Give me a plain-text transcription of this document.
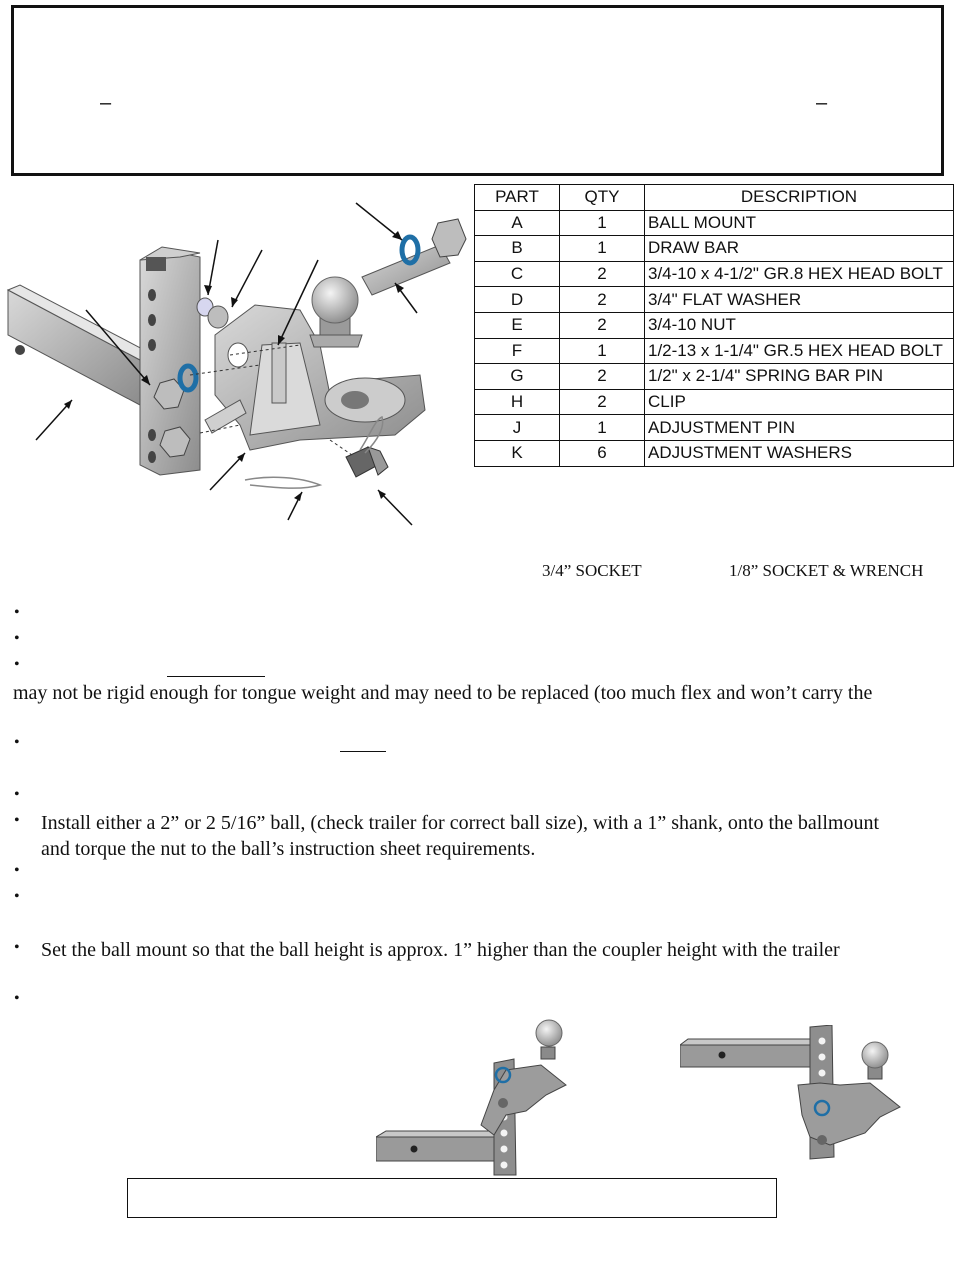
–	–
PART	QTY	DESCRIPTION
A	1	BALL MOUNT
B	1	DRAW BAR
C	2	3/4-10 x 4-1/2" GR.8 HEX HEAD BOLT
D	2	3/4" FLAT WASHER
E	2	3/4-10 NUT
F	1	1/2-13 x 1-1/4" GR.5 HEX HEAD BOLT
G	2	1/2" x 2-1/4" SPRING BAR PIN
H	2	CLIP
J	1	ADJUSTMENT PIN
K	6	ADJUSTMENT WASHERS
3/4” SOCKET	1/8” SOCKET & WRENCH
•
•
•
may not be rigid enough for tongue weight and may need to be replaced (too much flex and won’t carry the
•
•
• Install either a 2” or 2 5/16” ball, (check trailer for correct ball size), with a 1” shank, onto the ballmount
and torque the nut to the ball’s instruction sheet requirements.
•
•
• Set the ball mount so that the ball height is approx. 1” higher than the coupler height with the trailer
•
